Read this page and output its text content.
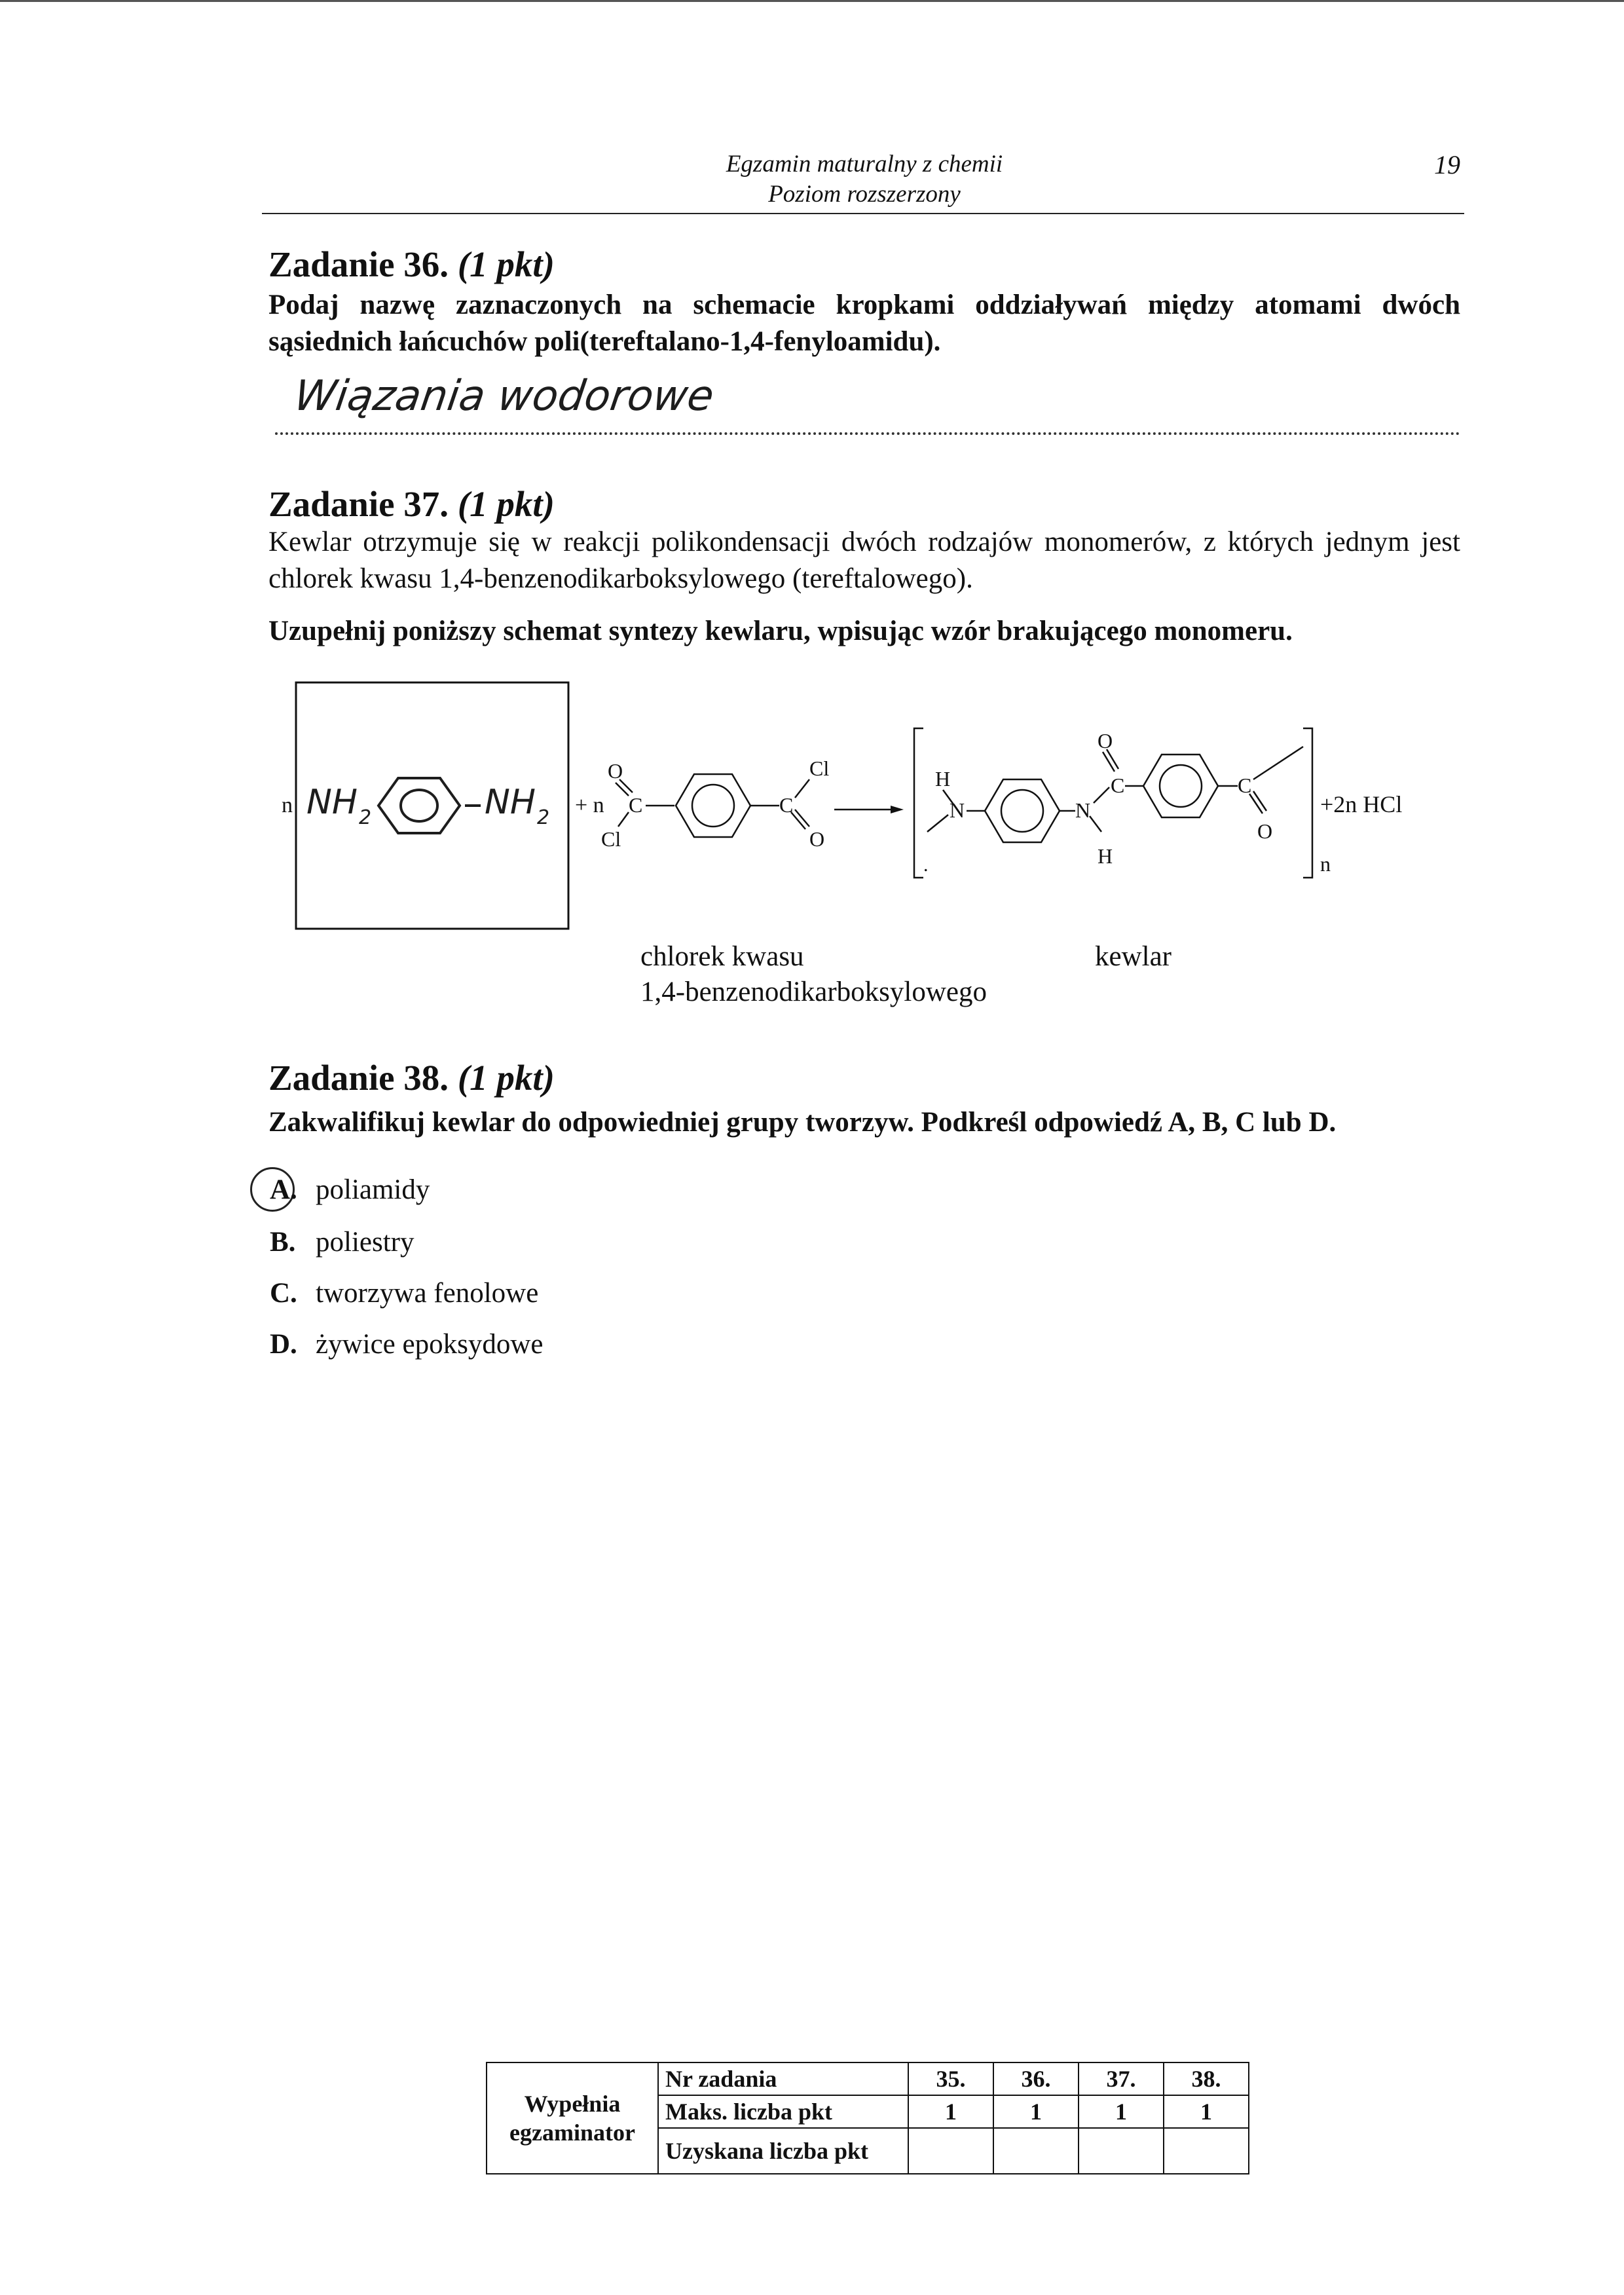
Egzamin maturalny z chemii
Poziom rozszerzony
19
Zadanie 36. (1 pkt)
Podaj nazwę zaznaczonych na schemacie kropkami oddziaływań między atomami dwóch sąsiednich łańcuchów poli(tereftalano-1,4-fenyloamidu).
Wiązania wodorowe
Zadanie 37. (1 pkt)
Kewlar otrzymuje się w reakcji polikondensacji dwóch rodzajów monomerów, z których jednym jest chlorek kwasu 1,4-benzenodikarboksylowego (tereftalowego).
Uzupełnij poniższy schemat syntezy kewlaru, wpisując wzór brakującego monomeru.
n NH 2	NH 2
+ n
O
C
Cl
C
Cl
O
H
.
N	N
H
O
C	C
O
n
+2n HCl
chlorek kwasu
1,4-benzenodikarboksylowego
kewlar
Zadanie 38. (1 pkt)
Zakwalifikuj kewlar do odpowiedniej grupy tworzyw. Podkreśl odpowiedź A, B, C lub D.
A. poliamidy
B. poliestry
C. tworzywa fenolowe
D. żywice epoksydowe
Wypełnia
egzaminator	Nr zadania	35.	36.	37.	38.
	Maks. liczba pkt	1	1	1	1
	Uzyskana liczba pkt				
